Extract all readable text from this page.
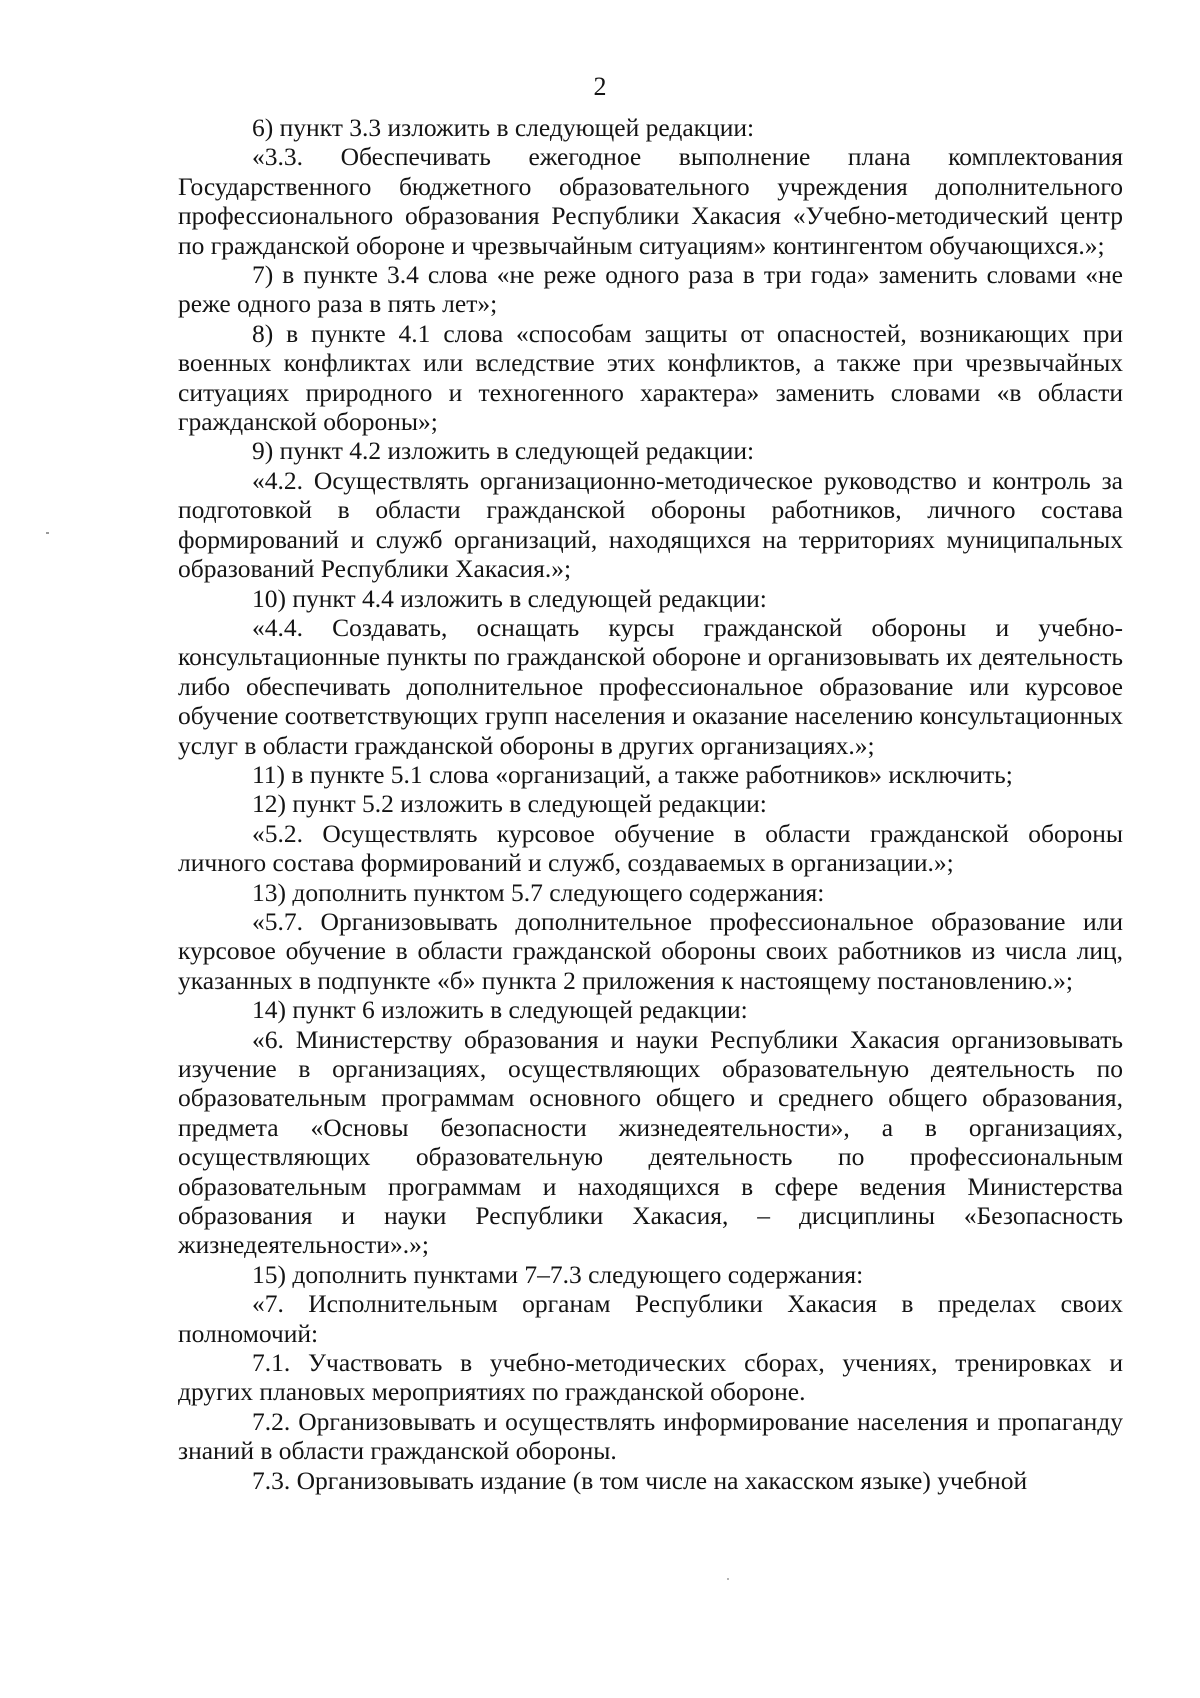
2

6) пункт 3.3 изложить в следующей редакции:

«3.3. Обеспечивать ежегодное выполнение плана комплектования Государственного бюджетного образовательного учреждения дополнительного профессионального образования Республики Хакасия «Учебно-методический центр по гражданской обороне и чрезвычайным ситуациям» контингентом обучающихся.»;

7) в пункте 3.4 слова «не реже одного раза в три года» заменить словами «не реже одного раза в пять лет»;

8) в пункте 4.1 слова «способам защиты от опасностей, возникающих при военных конфликтах или вследствие этих конфликтов, а также при чрезвычайных ситуациях природного и техногенного характера» заменить словами «в области гражданской обороны»;

9) пункт 4.2 изложить в следующей редакции:

«4.2. Осуществлять организационно-методическое руководство и контроль за подготовкой в области гражданской обороны работников, личного состава формирований и служб организаций, находящихся на территориях муниципальных образований Республики Хакасия.»;

10) пункт 4.4 изложить в следующей редакции:

«4.4. Создавать, оснащать курсы гражданской обороны и учебно-консультационные пункты по гражданской обороне и организовывать их деятельность либо обеспечивать дополнительное профессиональное образование или курсовое обучение соответствующих групп населения и оказание населению консультационных услуг в области гражданской обороны в других организациях.»;

11) в пункте 5.1 слова «организаций, а также работников» исключить;

12) пункт 5.2 изложить в следующей редакции:

«5.2. Осуществлять курсовое обучение в области гражданской обороны личного состава формирований и служб, создаваемых в организации.»;

13) дополнить пунктом 5.7 следующего содержания:

«5.7. Организовывать дополнительное профессиональное образование или курсовое обучение в области гражданской обороны своих работников из числа лиц, указанных в подпункте «б» пункта 2 приложения к настоящему постановлению.»;

14) пункт 6 изложить в следующей редакции:

«6. Министерству образования и науки Республики Хакасия организовывать изучение в организациях, осуществляющих образовательную деятельность по образовательным программам основного общего и среднего общего образования, предмета «Основы безопасности жизнедеятельности», а в организациях, осуществляющих образовательную деятельность по профессиональным образовательным программам и находящихся в сфере ведения Министерства образования и науки Республики Хакасия, – дисциплины «Безопасность жизнедеятельности».»;

15) дополнить пунктами 7–7.3 следующего содержания:

«7. Исполнительным органам Республики Хакасия в пределах своих полномочий:

7.1. Участвовать в учебно-методических сборах, учениях, тренировках и других плановых мероприятиях по гражданской обороне.

7.2. Организовывать и осуществлять информирование населения и пропаганду знаний в области гражданской обороны.

7.3. Организовывать издание (в том числе на хакасском языке) учебной
